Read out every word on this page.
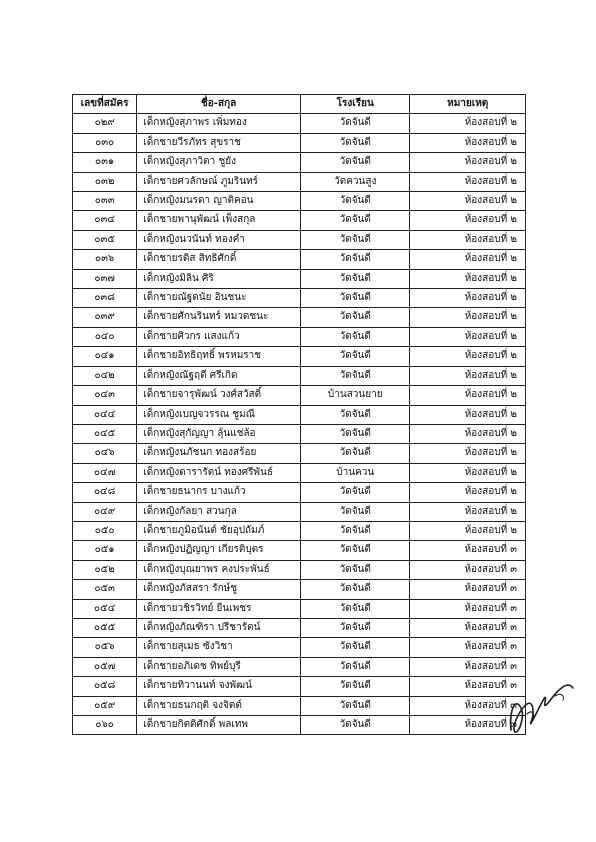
เลขที่สมัคร	ชื่อ-สกุล	โรงเรียน	หมายเหตุ
๐๒๙	เด็กหญิงสุภาพร เพิ่มทอง	วัดจันดี	ห้องสอบที่ ๒
๐๓๐	เด็กชายวีรภัทร สุขราช	วัดจันดี	ห้องสอบที่ ๒
๐๓๑	เด็กหญิงสุภาวิดา ชูยัง	วัดจันดี	ห้องสอบที่ ๒
๐๓๒	เด็กชายศวลักษณ์ ภูมรินทร์	วัดควนสูง	ห้องสอบที่ ๒
๐๓๓	เด็กหญิงมนรดา ญาติคอน	วัดจันดี	ห้องสอบที่ ๒
๐๓๔	เด็กชายพานุพัฒน์ เพ็งสกุล	วัดจันดี	ห้องสอบที่ ๒
๐๓๕	เด็กหญิงนวนันท์ ทองคำ	วัดจันดี	ห้องสอบที่ ๒
๐๓๖	เด็กชายรติส สิทธิศักดิ์	วัดจันดี	ห้องสอบที่ ๒
๐๓๗	เด็กหญิงมิลิน ศิริ	วัดจันดี	ห้องสอบที่ ๒
๐๓๘	เด็กชายณัฐดนัย อินชนะ	วัดจันดี	ห้องสอบที่ ๒
๐๓๙	เด็กชายศักนรินทร์ หมวดชนะ	วัดจันดี	ห้องสอบที่ ๒
๐๔๐	เด็กชายศิวกร แสงแก้ว	วัดจันดี	ห้องสอบที่ ๒
๐๔๑	เด็กชายอิทธิฤทธิ์ พรหมราช	วัดจันดี	ห้องสอบที่ ๒
๐๔๒	เด็กหญิงณัฐฤดี ศรีเกิด	วัดจันดี	ห้องสอบที่ ๒
๐๔๓	เด็กชายจารุพัฒน์ วงศ์สวัสดิ์	บ้านสวนยาย	ห้องสอบที่ ๒
๐๔๔	เด็กหญิงเบญจวรรณ ชูมณี	วัดจันดี	ห้องสอบที่ ๒
๐๔๕	เด็กหญิงสุกัญญา ลุ้นแช่ล้อ	วัดจันดี	ห้องสอบที่ ๒
๐๔๖	เด็กหญิงนภัชนก ทองสร้อย	วัดจันดี	ห้องสอบที่ ๒
๐๔๗	เด็กหญิงดารารัตน์ ทองศรีพันธ์	บ้านควน	ห้องสอบที่ ๒
๐๔๘	เด็กชายธนากร บางแก้ว	วัดจันดี	ห้องสอบที่ ๒
๐๔๙	เด็กหญิงกัลยา สวนกุล	วัดจันดี	ห้องสอบที่ ๒
๐๕๐	เด็กชายภูมิอนันต์ ชัยอุปถัมภ์	วัดจันดี	ห้องสอบที่ ๒
๐๕๑	เด็กหญิงปฏิญญา เกียรติบุตร	วัดจันดี	ห้องสอบที่ ๓
๐๕๒	เด็กหญิงบุณยาพร คงประพันธ์	วัดจันดี	ห้องสอบที่ ๓
๐๕๓	เด็กหญิงภัสสรา รักษ์ชู	วัดจันดี	ห้องสอบที่ ๓
๐๕๔	เด็กชายวชิรวิทย์ ยืนเพชร	วัดจันดี	ห้องสอบที่ ๓
๐๕๕	เด็กหญิงภัณฑิรา ปรีชารัตน์	วัดจันดี	ห้องสอบที่ ๓
๐๕๖	เด็กชายสุเมธ ซังวิชา	วัดจันดี	ห้องสอบที่ ๓
๐๕๗	เด็กชายอภิเดช ทิพย์บุรี	วัดจันดี	ห้องสอบที่ ๓
๐๕๘	เด็กชายทิวานนท์ จงพัฒน์	วัดจันดี	ห้องสอบที่ ๓
๐๕๙	เด็กชายธนกฤติ จงจิตต์	วัดจันดี	ห้องสอบที่ ๓
๐๖๐	เด็กชายกิตติศักดิ์ พลเทพ	วัดจันดี	ห้องสอบที่ ๓
